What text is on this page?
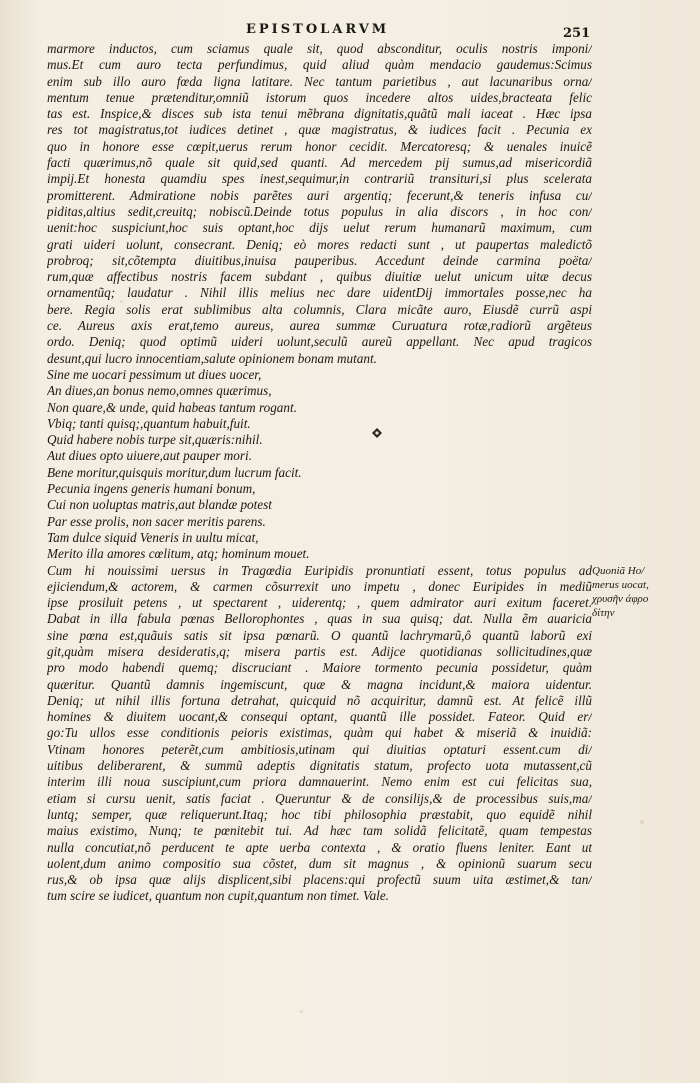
EPISTOLARVM	251
marmore inductos, cum sciamus quale sit, quod absconditur, oculis nostris imponi/
mus.Et cum auro tecta perfundimus, quid aliud quàm mendacio gaudemus:Scimus
enim sub illo auro fœda ligna latitare. Nec tantum parietibus , aut lacunaribus orna/
mentum tenue prætenditur,omniũ istorum quos incedere altos uides,bracteata felic
tas est. Inspice,& disces sub ista tenui mẽbrana dignitatis,quãtũ mali iaceat . Hæc ipsa
res tot magistratus,tot iudices detinet , quæ magistratus, & iudices facit . Pecunia ex
quo in honore esse cœpit,uerus rerum honor cecidit. Mercatoresq; & uenales inuicẽ
facti quærimus,nõ quale sit quid,sed quanti. Ad mercedem pij sumus,ad misericordiã
impij.Et honesta quamdiu spes inest,sequimur,in contrariũ transituri,si plus scelerata
promitterent. Admiratione nobis parẽtes auri argentiq; fecerunt,& teneris infusa cu/
piditas,altius sedit,creuitq; nobiscũ.Deinde totus populus in alia discors , in hoc con/
uenit:hoc suspiciunt,hoc suis optant,hoc dijs uelut rerum humanarũ maximum, cum
grati uideri uolunt, consecrant. Deniq; eò mores redacti sunt , ut paupertas maledictõ
probroq; sit,cõtempta diuitibus,inuisa pauperibus. Accedunt deinde carmina poëta/
rum,quæ affectibus nostris facem subdant , quibus diuitiæ uelut unicum uitæ decus
ornamentũq; laudatur . Nihil illis melius nec dare uidentDij immortales posse,nec ha
bere. Regia solis erat sublimibus alta columnis, Clara micãte auro, Eiusdẽ currũ aspi
ce. Aureus axis erat,temo aureus, aurea summæ Curuatura rotæ,radiorũ argẽteus
ordo. Deniq; quod optimũ uideri uolunt,seculũ aureũ appellant. Nec apud tragicos
desunt,qui lucro innocentiam,salute opinionem bonam mutant.
Sine me uocari pessimum ut diues uocer,
An diues,an bonus nemo,omnes quærimus,
Non quare,& unde, quid habeas tantum rogant.
Vbiq; tanti quisq;,quantum habuit,fuit.
Quid habere nobis turpe sit,quæris:nihil.
Aut diues opto uiuere,aut pauper mori.
Bene moritur,quisquis moritur,dum lucrum facit.
Pecunia ingens generis humani bonum,
Cui non uoluptas matris,aut blandæ potest
Par esse prolis, non sacer meritis parens.
Tam dulce siquid Veneris in uultu micat,
Merito illa amores cœlitum, atq; hominum mouet.
Cum hi nouissimi uersus in Tragœdia Euripidis pronuntiati essent, totus populus ad
ejiciendum,& actorem, & carmen cõsurrexit uno impetu , donec Euripides in mediũ
ipse prosiluit petens , ut spectarent , uiderentq; , quem admirator auri exitum faceret.
Dabat in illa fabula pœnas Bellorophontes , quas in sua quisq; dat. Nulla ẽm auaricia
sine pœna est,quãuis satis sit ipsa pœnarũ. O quantũ lachrymarũ,ô quantũ laborũ exi
git,quàm misera desideratis,q; misera partis est. Adijce quotidianas sollicitudines,quæ
pro modo habendi quemq; discruciant . Maiore tormento pecunia possidetur, quàm
quæritur. Quantũ damnis ingemiscunt, quæ & magna incidunt,& maiora uidentur.
Deniq; ut nihil illis fortuna detrahat, quicquid nõ acquiritur, damnũ est. At felicẽ illũ
homines & diuitem uocant,& consequi optant, quantũ ille possidet. Fateor. Quid er/
go:Tu ullos esse conditionis peioris existimas, quàm qui habet & miseriã & inuidiã:
Vtinam honores peterẽt,cum ambitiosis,utinam qui diuitias optaturi essent.cum di/
uitibus deliberarent, & summũ adeptis dignitatis statum, profecto uota mutassent,cũ
interim illi noua suscipiunt,cum priora damnauerint. Nemo enim est cui felicitas sua,
etiam si cursu uenit, satis faciat . Queruntur & de consilijs,& de processibus suis,ma/
luntq; semper, quæ reliquerunt.Itaq; hoc tibi philosophia præstabit, quo equidẽ nihil
maius existimo, Nunq; te pœnitebit tui. Ad hæc tam solidã felicitatẽ, quam tempestas
nulla concutiat,nõ perducent te apte uerba contexta , & oratio fluens leniter. Eant ut
uolent,dum animo compositio sua cõstet, dum sit magnus , & opinionũ suarum secu
rus,& ob ipsa quæ alijs displicent,sibi placens:qui profectũ suum uita æstimet,& tan/
tum scire se iudicet, quantum non cupit,quantum non timet. Vale.
Quoniã Ho/
merus uocat,
χρυσῆν ἀφρο
δίτην
